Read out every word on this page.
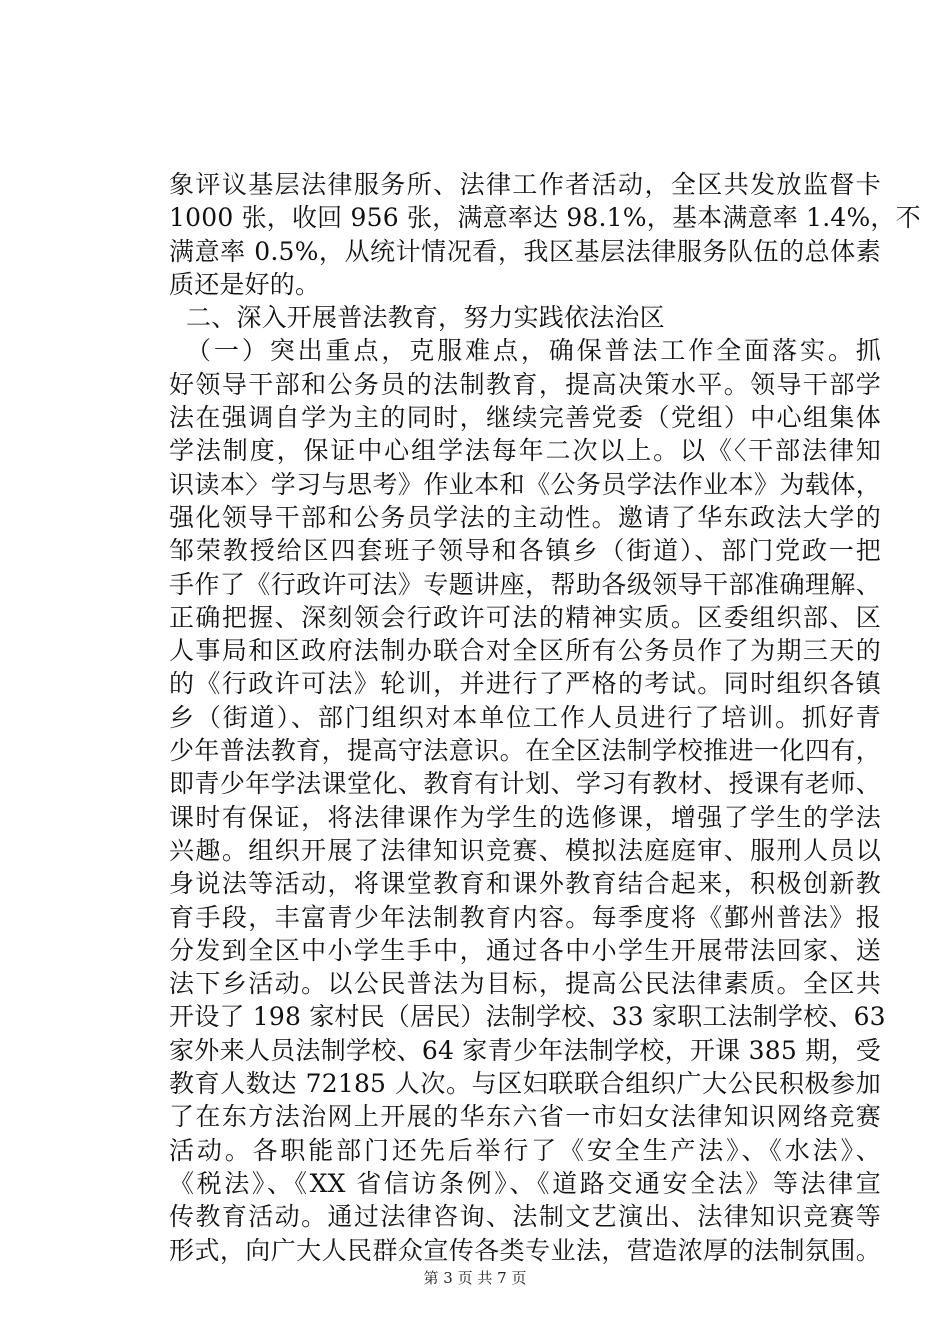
象评议基层法律服务所、法律工作者活动，全区共发放监督卡
1000 张，收回 956 张，满意率达 98.1%，基本满意率 1.4%，不
满意率 0.5%，从统计情况看，我区基层法律服务队伍的总体素
质还是好的。
二、深入开展普法教育，努力实践依法治区
（一）突出重点，克服难点，确保普法工作全面落实。抓
好领导干部和公务员的法制教育，提高决策水平。领导干部学
法在强调自学为主的同时，继续完善党委（党组）中心组集体
学法制度，保证中心组学法每年二次以上。以《〈干部法律知
识读本〉学习与思考》作业本和《公务员学法作业本》为载体，
强化领导干部和公务员学法的主动性。邀请了华东政法大学的
邹荣教授给区四套班子领导和各镇乡（街道）、部门党政一把
手作了《行政许可法》专题讲座，帮助各级领导干部准确理解、
正确把握、深刻领会行政许可法的精神实质。区委组织部、区
人事局和区政府法制办联合对全区所有公务员作了为期三天的
的《行政许可法》轮训，并进行了严格的考试。同时组织各镇
乡（街道）、部门组织对本单位工作人员进行了培训。抓好青
少年普法教育，提高守法意识。在全区法制学校推进一化四有，
即青少年学法课堂化、教育有计划、学习有教材、授课有老师、
课时有保证，将法律课作为学生的选修课，增强了学生的学法
兴趣。组织开展了法律知识竞赛、模拟法庭庭审、服刑人员以
身说法等活动，将课堂教育和课外教育结合起来，积极创新教
育手段，丰富青少年法制教育内容。每季度将《鄞州普法》报
分发到全区中小学生手中，通过各中小学生开展带法回家、送
法下乡活动。以公民普法为目标，提高公民法律素质。全区共
开设了 198 家村民（居民）法制学校、33 家职工法制学校、63
家外来人员法制学校、64 家青少年法制学校，开课 385 期，受
教育人数达 72185 人次。与区妇联联合组织广大公民积极参加
了在东方法治网上开展的华东六省一市妇女法律知识网络竞赛
活动。各职能部门还先后举行了《安全生产法》、《水法》、
《税法》、《XX 省信访条例》、《道路交通安全法》等法律宣
传教育活动。通过法律咨询、法制文艺演出、法律知识竞赛等
形式，向广大人民群众宣传各类专业法，营造浓厚的法制氛围。
第 3 页 共 7 页
